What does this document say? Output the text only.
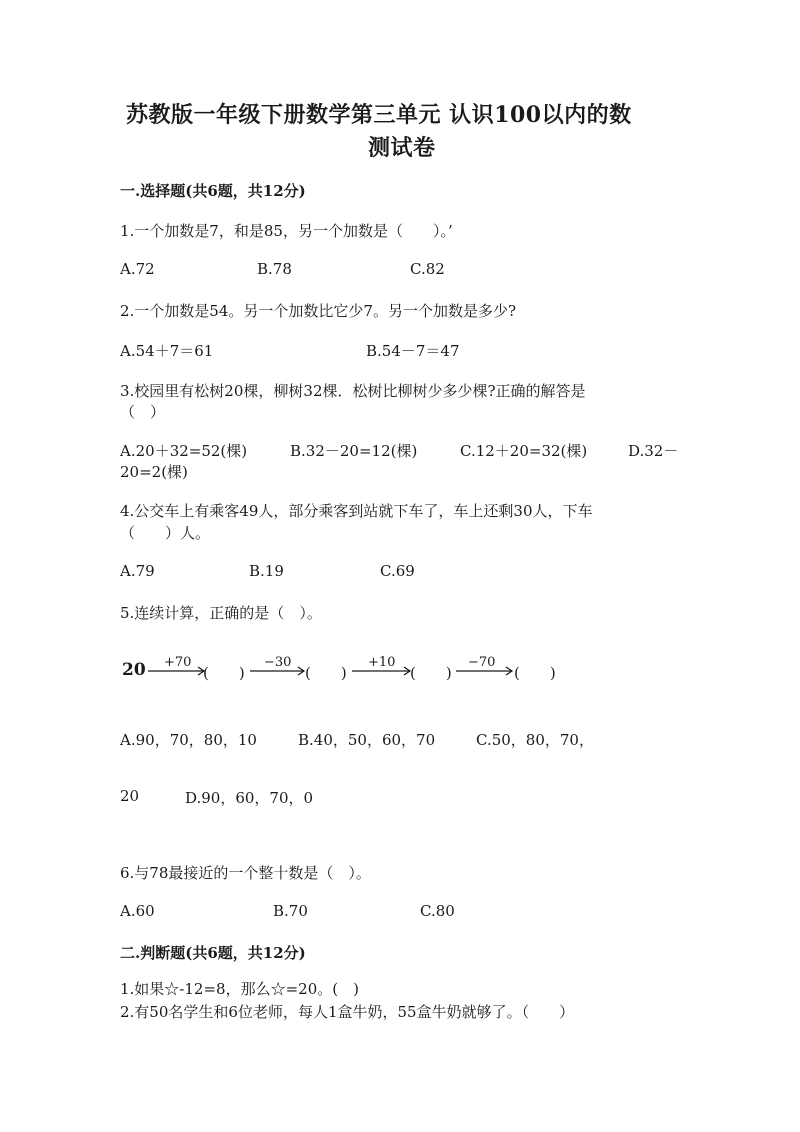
苏教版一年级下册数学第三单元 认识100以内的数
测试卷
一.选择题(共6题，共12分)
1.一个加数是7，和是85，另一个加数是（　　）。’
A.72	B.78	C.82
2.一个加数是54。另一个加数比它少7。另一个加数是多少?
A.54＋7＝61	B.54－7＝47
3.校园里有松树20棵，柳树32棵．松树比柳树少多少棵?正确的解答是
（　）
A.20＋32=52(棵)	B.32－20=12(棵)	C.12＋20=32(棵)	D.32－
20=2(棵)
4.公交车上有乘客49人，部分乘客到站就下车了，车上还剩30人，下车
（　　）人。
A.79	B.19	C.69
5.连续计算，正确的是（　）。
20 +70	−30	+10	−70
(　　)	(　　)	(　　)	(　　)
A.90，70，80，10	B.40，50，60，70	C.50，80，70，
20	D.90，60，70，0
6.与78最接近的一个整十数是（　）。
A.60	B.70	C.80
二.判断题(共6题，共12分)
1.如果☆-12=8，那么☆=20。(　)
2.有50名学生和6位老师，每人1盒牛奶，55盒牛奶就够了。（　　）
